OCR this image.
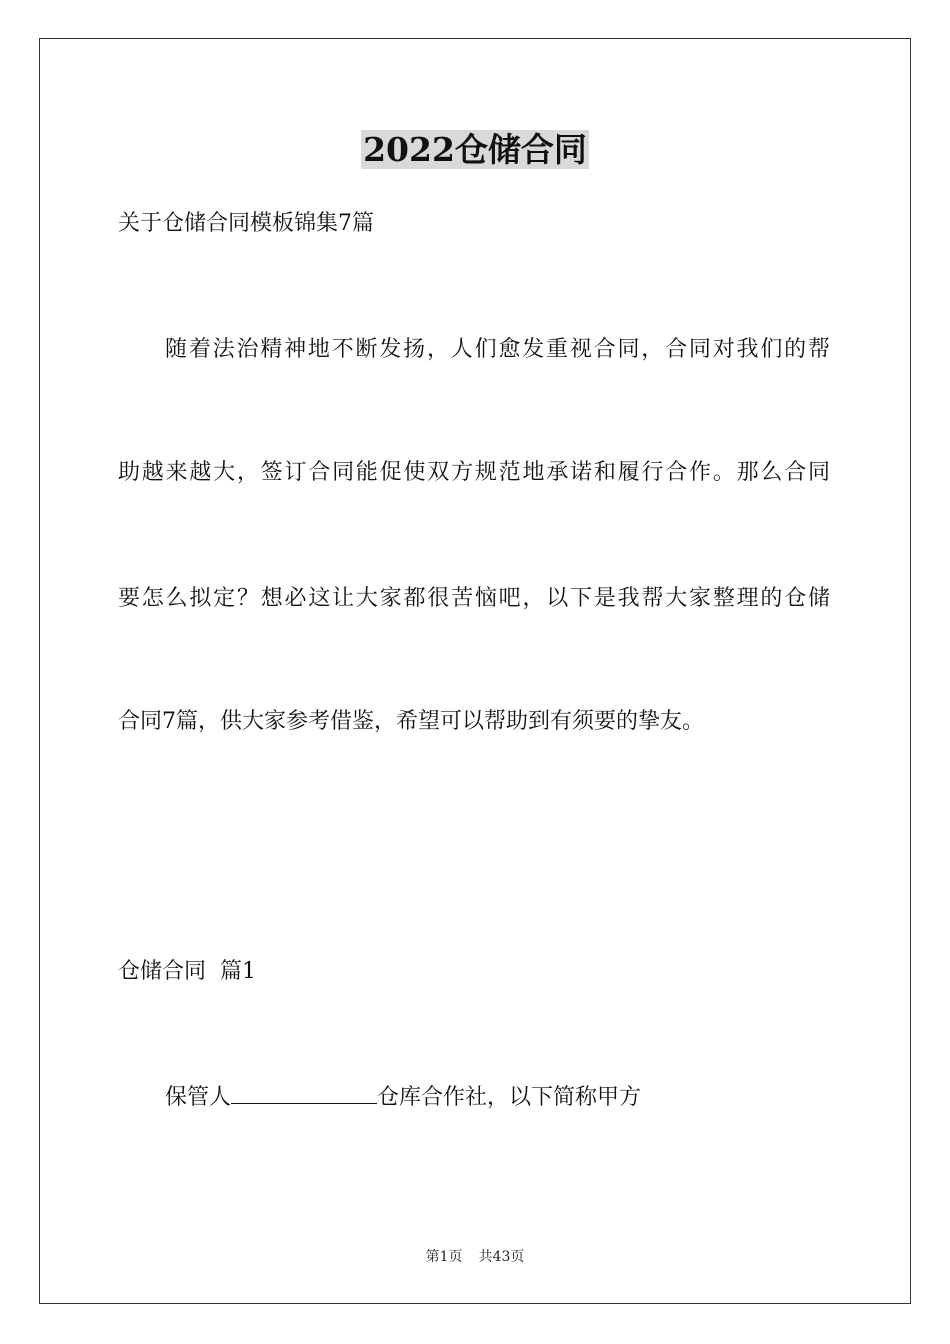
2022仓储合同
关于仓储合同模板锦集7篇
随着法治精神地不断发扬，人们愈发重视合同，合同对我们的帮
助越来越大，签订合同能促使双方规范地承诺和履行合作。那么合同
要怎么拟定？想必这让大家都很苦恼吧，以下是我帮大家整理的仓储
合同7篇，供大家参考借鉴，希望可以帮助到有须要的挚友。
仓储合同  篇1
保管人	仓库合作社，以下简称甲方
第1页 共43页
